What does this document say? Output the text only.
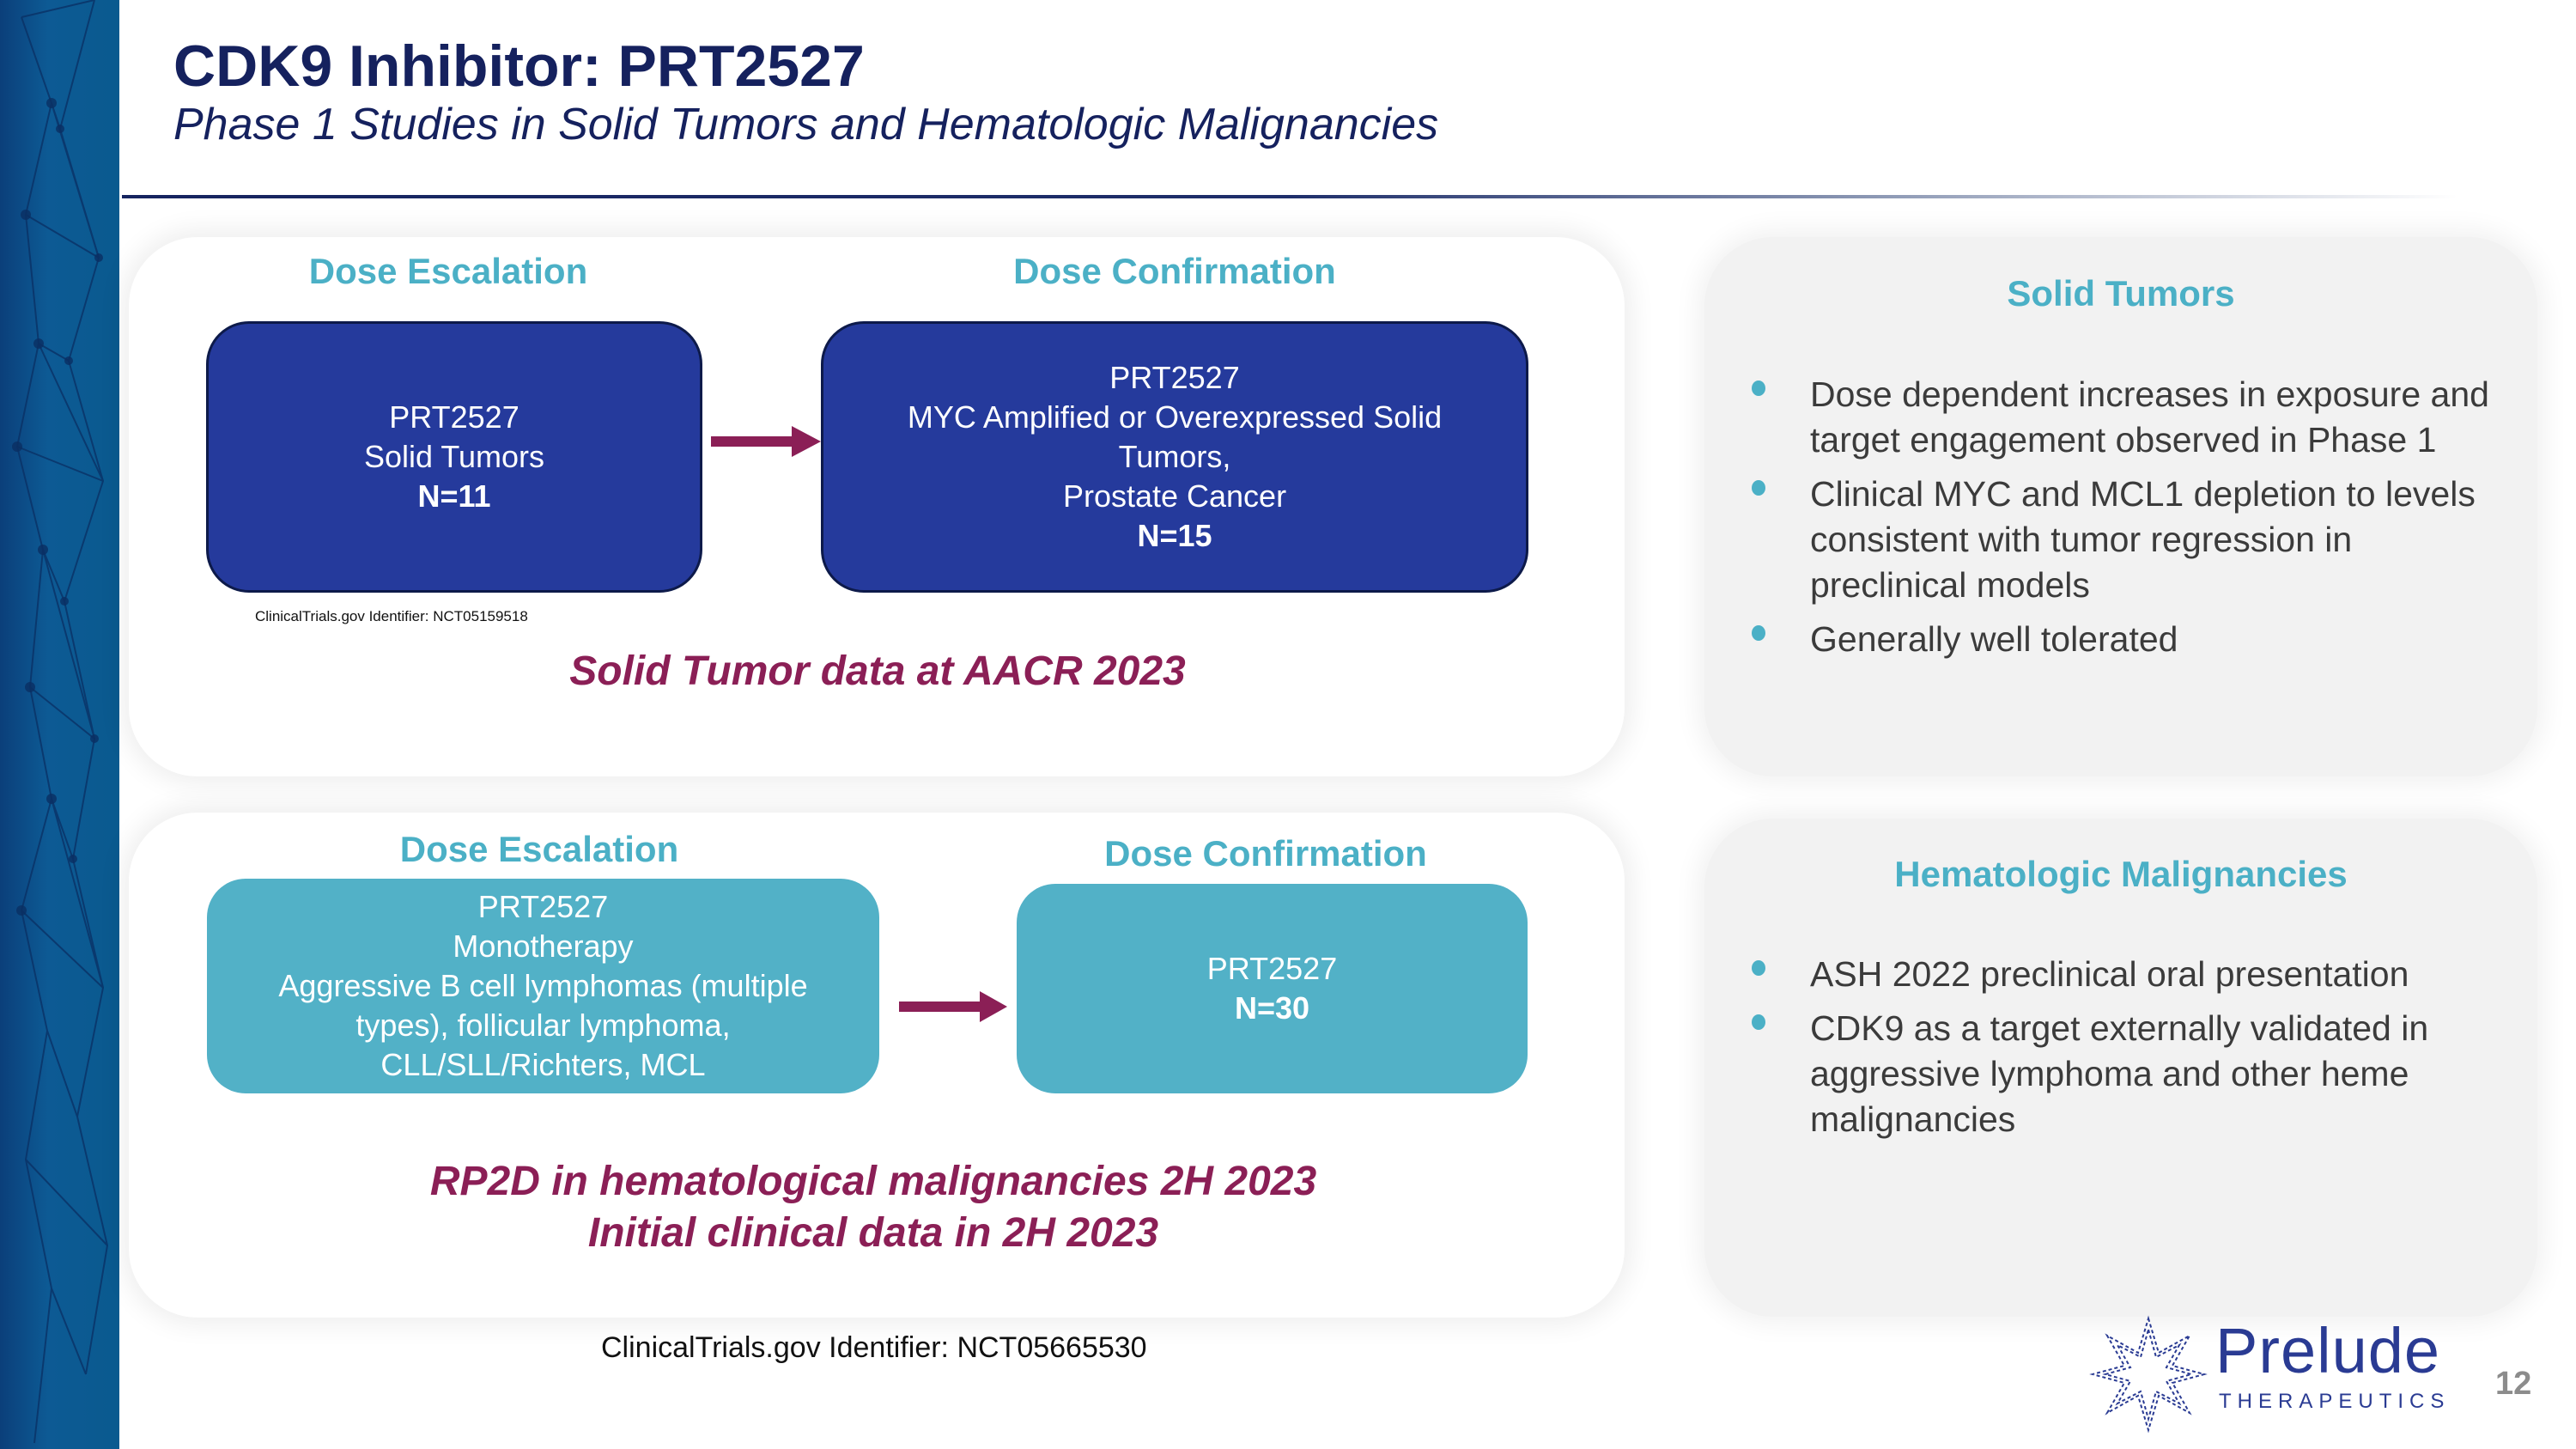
CDK9 Inhibitor: PRT2527
Phase 1 Studies in Solid Tumors and Hematologic Malignancies
Dose Escalation	Dose Confirmation
PRT2527
Solid Tumors
N=11
PRT2527
MYC Amplified or Overexpressed Solid
Tumors,
Prostate Cancer
N=15
ClinicalTrials.gov Identifier: NCT05159518
Solid Tumor data at AACR 2023
Dose Escalation	Dose Confirmation
PRT2527
Monotherapy
Aggressive B cell lymphomas (multiple
types), follicular lymphoma,
CLL/SLL/Richters, MCL
PRT2527
N=30
RP2D in hematological malignancies 2H 2023
Initial clinical data in 2H 2023
ClinicalTrials.gov Identifier: NCT05665530
Solid Tumors
Dose dependent increases in exposure and target engagement observed in Phase 1
Clinical MYC and MCL1 depletion to levels consistent with tumor regression in preclinical models
Generally well tolerated
Hematologic Malignancies
ASH 2022 preclinical oral presentation
CDK9 as a target externally validated in aggressive lymphoma and other heme malignancies
Prelude
THERAPEUTICS 12
